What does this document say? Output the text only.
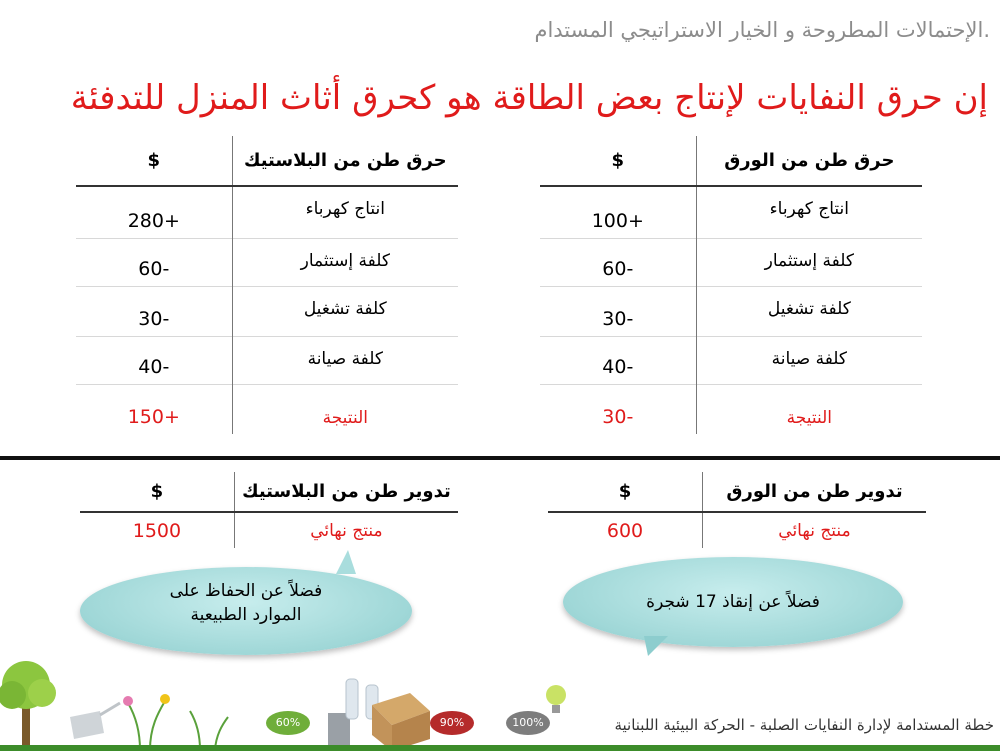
.الإحتمالات المطروحة و الخيار الاستراتيجي المستدام
إن حرق النفايات لإنتاج بعض الطاقة هو كحرق أثاث المنزل للتدفئة
حرق طن من الورق	$
انتاج كهرباء	+100
كلفة إستثمار	-60
كلفة تشغيل	-30
كلفة صيانة	-40
النتيجة	-30
حرق طن من البلاستيك	$
انتاج كهرباء	+280
كلفة إستثمار	-60
كلفة تشغيل	-30
كلفة صيانة	-40
النتيجة	+150
تدوير طن من الورق	$
منتج نهائي	600
تدوير طن من البلاستيك	$
منتج نهائي	1500
فضلاً عن إنقاذ 17 شجرة
فضلاً عن الحفاظ على
الموارد الطبيعية
60%	90%	100%	خطة المستدامة لإدارة النفايات الصلبة - الحركة البيئية اللبنانية
